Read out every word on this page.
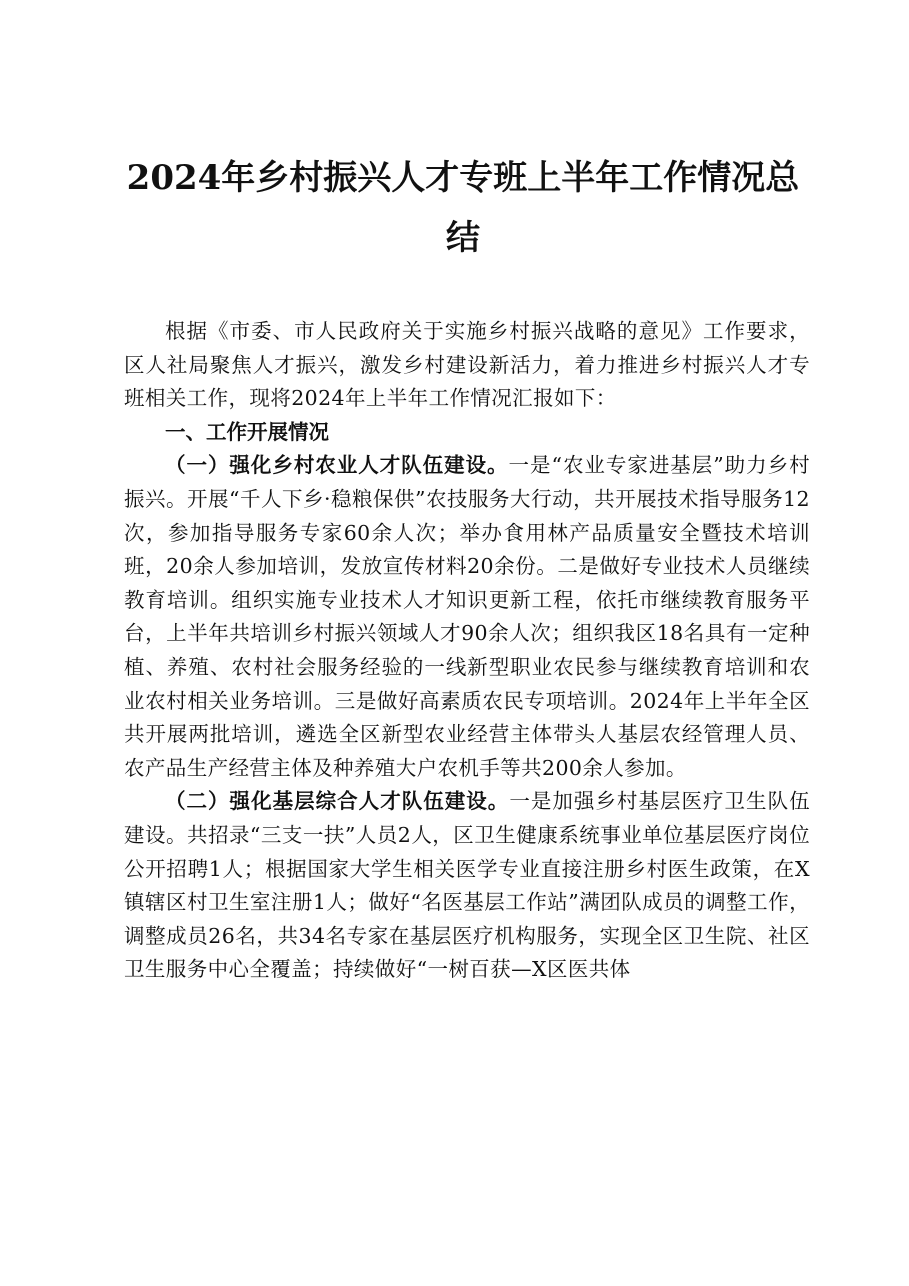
2024年乡村振兴人才专班上半年工作情况总结

根据《市委、市人民政府关于实施乡村振兴战略的意见》工作要求，区人社局聚焦人才振兴，激发乡村建设新活力，着力推进乡村振兴人才专班相关工作，现将2024年上半年工作情况汇报如下：

一、工作开展情况

（一）强化乡村农业人才队伍建设。一是“农业专家进基层”助力乡村振兴。开展“千人下乡·稳粮保供”农技服务大行动，共开展技术指导服务12次，参加指导服务专家60余人次；举办食用林产品质量安全暨技术培训班，20余人参加培训，发放宣传材料20余份。二是做好专业技术人员继续教育培训。组织实施专业技术人才知识更新工程，依托市继续教育服务平台，上半年共培训乡村振兴领域人才90余人次；组织我区18名具有一定种植、养殖、农村社会服务经验的一线新型职业农民参与继续教育培训和农业农村相关业务培训。三是做好高素质农民专项培训。2024年上半年全区共开展两批培训，遴选全区新型农业经营主体带头人基层农经管理人员、农产品生产经营主体及种养殖大户农机手等共200余人参加。

（二）强化基层综合人才队伍建设。一是加强乡村基层医疗卫生队伍建设。共招录“三支一扶”人员2人，区卫生健康系统事业单位基层医疗岗位公开招聘1人；根据国家大学生相关医学专业直接注册乡村医生政策，在X镇辖区村卫生室注册1人；做好“名医基层工作站”满团队成员的调整工作，调整成员26名，共34名专家在基层医疗机构服务，实现全区卫生院、社区卫生服务中心全覆盖；持续做好“一树百获—X区医共体
